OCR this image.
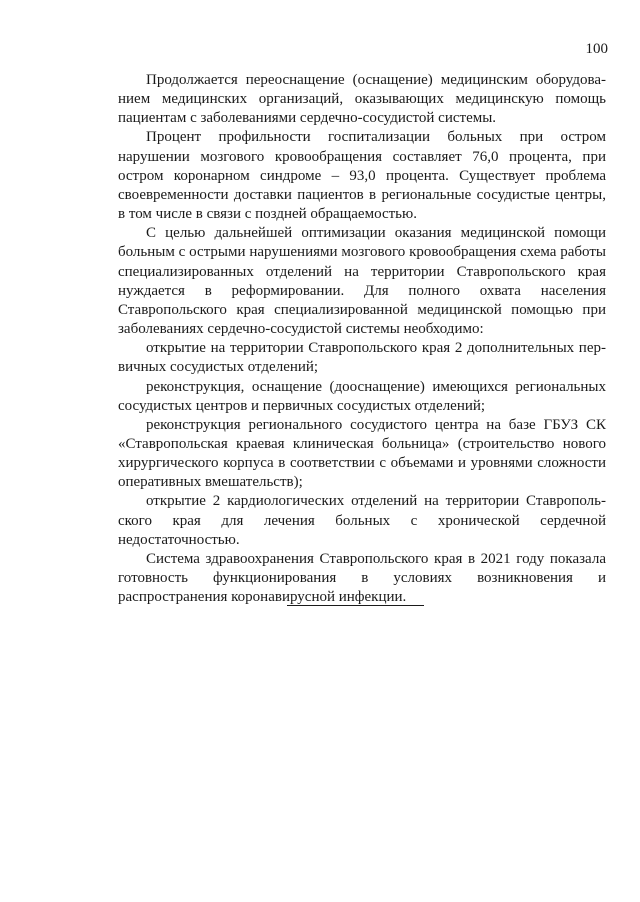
100

Продолжается переоснащение (оснащение) медицинским оборудованием медицинских организаций, оказывающих медицинскую помощь пациентам с заболеваниями сердечно-сосудистой системы.

Процент профильности госпитализации больных при остром нарушении мозгового кровообращения составляет 76,0 процента, при остром коронарном синдроме – 93,0 процента. Существует проблема своевременности доставки пациентов в региональные сосудистые центры, в том числе в связи с поздней обращаемостью.

С целью дальнейшей оптимизации оказания медицинской помощи больным с острыми нарушениями мозгового кровообращения схема работы специализированных отделений на территории Ставропольского края нуждается в реформировании. Для полного охвата населения Ставропольского края специализированной медицинской помощью при заболеваниях сердечно-сосудистой системы необходимо:

открытие на территории Ставропольского края 2 дополнительных первичных сосудистых отделений;

реконструкция, оснащение (дооснащение) имеющихся региональных сосудистых центров и первичных сосудистых отделений;

реконструкция регионального сосудистого центра на базе ГБУЗ СК «Ставропольская краевая клиническая больница» (строительство нового хирургического корпуса в соответствии с объемами и уровнями сложности оперативных вмешательств);

открытие 2 кардиологических отделений на территории Ставропольского края для лечения больных с хронической сердечной недостаточностью.

Система здравоохранения Ставропольского края в 2021 году показала готовность функционирования в условиях возникновения и распространения коронавирусной инфекции.
